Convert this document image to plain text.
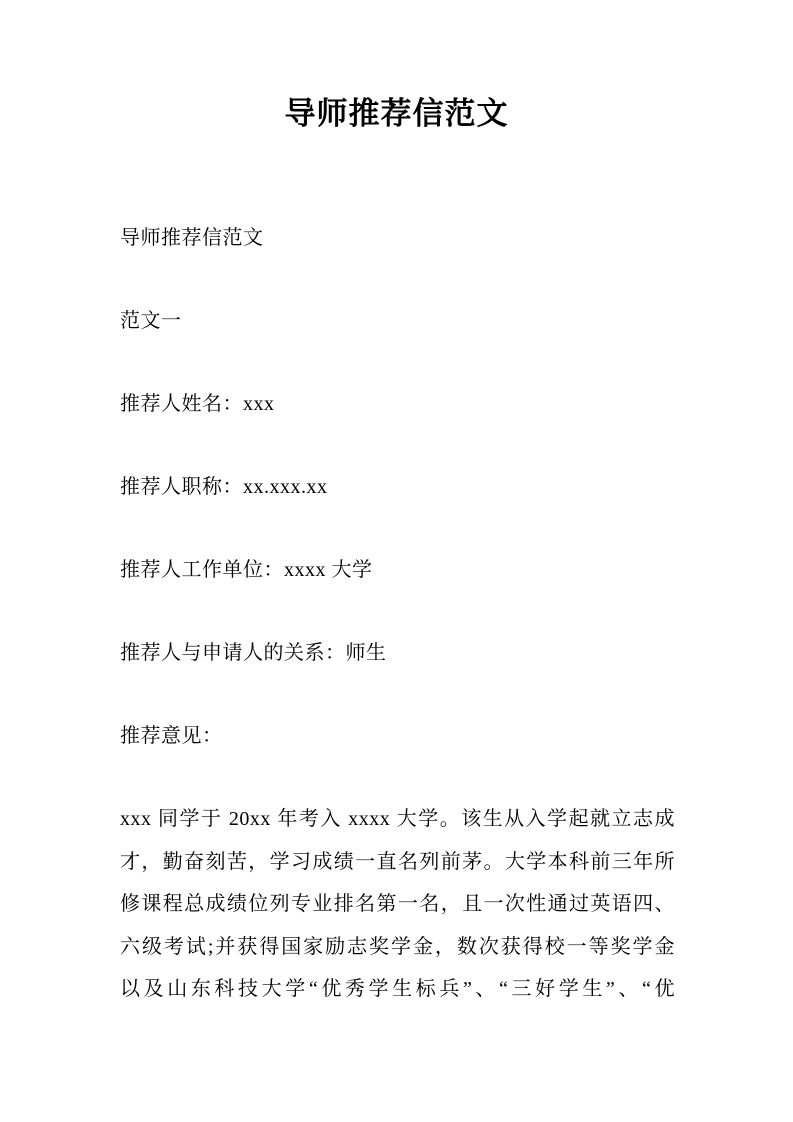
导师推荐信范文

导师推荐信范文

范文一

推荐人姓名：xxx

推荐人职称：xx.xxx.xx

推荐人工作单位：xxxx 大学

推荐人与申请人的关系：师生

推荐意见：

xxx 同学于 20xx 年考入 xxxx 大学。该生从入学起就立志成
才，勤奋刻苦，学习成绩一直名列前茅。大学本科前三年所
修课程总成绩位列专业排名第一名，且一次性通过英语四、
六级考试;并获得国家励志奖学金，数次获得校一等奖学金
以及山东科技大学“优秀学生标兵”、“三好学生”、“优
